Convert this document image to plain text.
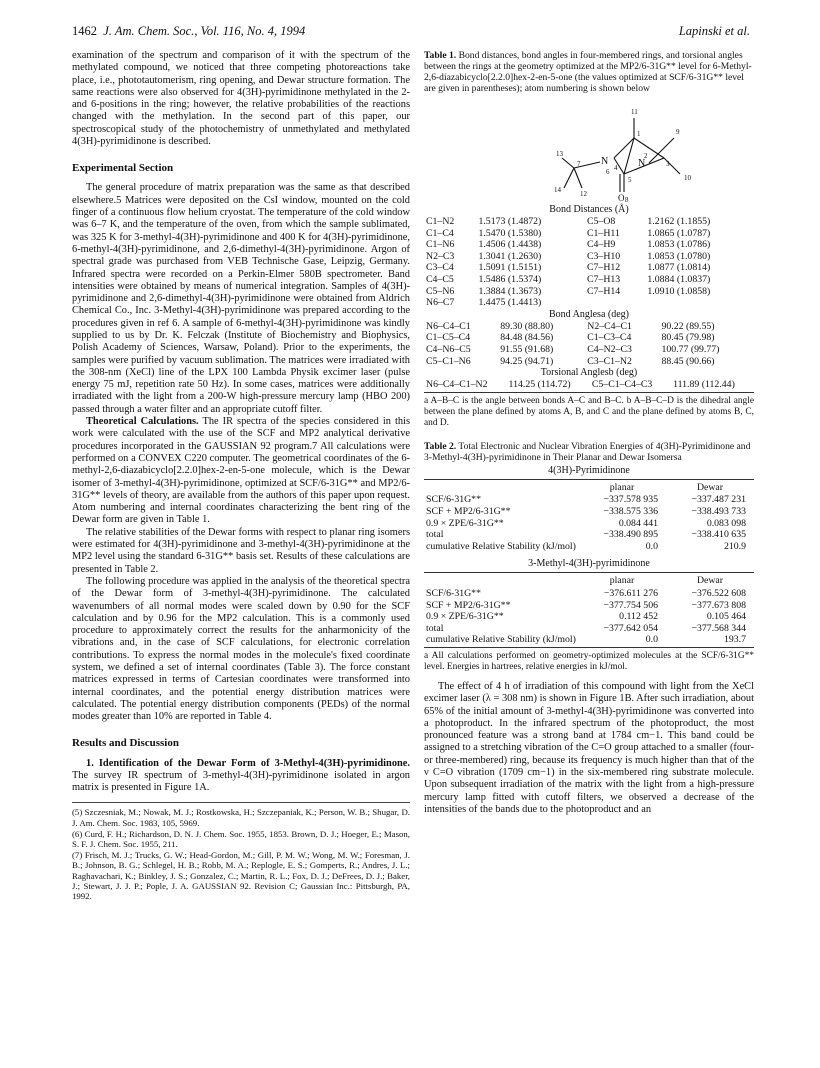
1462 J. Am. Chem. Soc., Vol. 116, No. 4, 1994	Lapinski et al.

examination of the spectrum and comparison of it with the spectrum of the methylated compound, we noticed that three competing photoreactions take place, i.e., phototautomerism, ring opening, and Dewar structure formation. The same reactions were also observed for 4(3H)-pyrimidinone methylated in the 2- and 6-positions in the ring; however, the relative probabilities of the reactions changed with the methylation. In the second part of this paper, our spectroscopical study of the photochemistry of unmethylated and methylated 4(3H)-pyrimidinone is described.

Experimental Section

The general procedure of matrix preparation was the same as that described elsewhere.5 Matrices were deposited on the CsI window, mounted on the cold finger of a continuous flow helium cryostat. The temperature of the cold window was 6–7 K, and the temperature of the oven, from which the sample sublimated, was 325 K for 3-methyl-4(3H)-pyrimidinone and 400 K for 4(3H)-pyrimidinone, 6-methyl-4(3H)-pyrimidinone, and 2,6-dimethyl-4(3H)-pyrimidinone. Argon of spectral grade was purchased from VEB Technische Gase, Leipzig, Germany. Infrared spectra were recorded on a Perkin-Elmer 580B spectrometer. Band intensities were obtained by means of numerical integration. Samples of 4(3H)-pyrimidinone and 2,6-dimethyl-4(3H)-pyrimidinone were obtained from Aldrich Chemical Co., Inc. 3-Methyl-4(3H)-pyrimidinone was prepared according to the procedures given in ref 6. A sample of 6-methyl-4(3H)-pyrimidinone was kindly supplied to us by Dr. K. Felczak (Institute of Biochemistry and Biophysics, Polish Academy of Sciences, Warsaw, Poland). Prior to the experiments, the samples were purified by vacuum sublimation. The matrices were irradiated with the 308-nm (XeCl) line of the LPX 100 Lambda Physik excimer laser (pulse energy 75 mJ, repetition rate 50 Hz). In some cases, matrices were additionally irradiated with the light from a 200-W high-pressure mercury lamp (HBO 200) passed through a water filter and an appropriate cutoff filter.

Theoretical Calculations. The IR spectra of the species considered in this work were calculated with the use of the SCF and MP2 analytical derivative procedures incorporated in the GAUSSIAN 92 program.7 All calculations were performed on a CONVEX C220 computer. The geometrical coordinates of the 6-methyl-2,6-diazabicyclo[2.2.0]hex-2-en-5-one molecule, which is the Dewar isomer of 3-methyl-4(3H)-pyrimidinone, optimized at SCF/6-31G** and MP2/6-31G** levels of theory, are available from the authors of this paper upon request. Atom numbering and internal coordinates characterizing the bent ring of the Dewar form are given in Table 1.

The relative stabilities of the Dewar forms with respect to planar ring isomers were estimated for 4(3H)-pyrimidinone and 3-methyl-4(3H)-pyrimidinone at the MP2 level using the standard 6-31G** basis set. Results of these calculations are presented in Table 2.

The following procedure was applied in the analysis of the theoretical spectra of the Dewar form of 3-methyl-4(3H)-pyrimidinone. The calculated wavenumbers of all normal modes were scaled down by 0.90 for the SCF calculation and by 0.96 for the MP2 calculation. This is a commonly used procedure to approximately correct the results for the anharmonicity of the vibrations and, in the case of SCF calculations, for electronic correlation contributions. To express the normal modes in the molecule's fixed coordinate system, we defined a set of internal coordinates (Table 3). The force constant matrices expressed in terms of Cartesian coordinates were transformed into internal coordinates, and the potential energy distribution matrices were calculated. The potential energy distribution components (PEDs) of the normal modes greater than 10% are reported in Table 4.

Results and Discussion

1. Identification of the Dewar Form of 3-Methyl-4(3H)-pyrimidinone. The survey IR spectrum of 3-methyl-4(3H)-pyrimidinone isolated in argon matrix is presented in Figure 1A.

(5) Szczesniak, M.; Nowak, M. J.; Rostkowska, H.; Szczepaniak, K.; Person, W. B.; Shugar, D. J. Am. Chem. Soc. 1983, 105, 5969.

(6) Curd, F. H.; Richardson, D. N. J. Chem. Soc. 1955, 1853. Brown, D. J.; Hoeger, E.; Mason, S. F. J. Chem. Soc. 1955, 211.

(7) Frisch, M. J.; Trucks, G. W.; Head-Gordon, M.; Gill, P. M. W.; Wong, M. W.; Foresman, J. B.; Johnson, B. G.; Schlegel, H. B.; Robb, M. A.; Replogle, E. S.; Gomperts, R.; Andres, J. L.; Raghavachari, K.; Binkley, J. S.; Gonzalez, C.; Martin, R. L.; Fox, D. J.; DeFrees, D. J.; Baker, J.; Stewart, J. J. P.; Pople, J. A. GAUSSIAN 92. Revision C; Gaussian Inc.: Pittsburgh, PA, 1992.

Table 1. Bond distances, bond angles in four-membered rings, and torsional angles between the rings at the geometry optimized at the MP2/6-31G** level for 6-Methyl-2,6-diazabicyclo[2.2.0]hex-2-en-5-one (the values optimized at SCF/6-31G** level are given in parentheses); atom numbering is shown below
11
9
13
7 N
6
N
2
1
3
4
5
14	12
10
O 8
Bond Distances (Å)
C1–N2	1.5173 (1.4872)	C5–O8	1.2162 (1.1855)
C1–C4	1.5470 (1.5380)	C1–H11	1.0865 (1.0787)
C1–N6	1.4506 (1.4438)	C4–H9	1.0853 (1.0786)
N2–C3	1.3041 (1.2630)	C3–H10	1.0853 (1.0780)
C3–C4	1.5091 (1.5151)	C7–H12	1.0877 (1.0814)
C4–C5	1.5486 (1.5374)	C7–H13	1.0884 (1.0837)
C5–N6	1.3884 (1.3673)	C7–H14	1.0910 (1.0858)
N6–C7	1.4475 (1.4413)		
Bond Anglesa (deg)
N6–C4–C1	89.30 (88.80)	N2–C4–C1	90.22 (89.55)
C1–C5–C4	84.48 (84.56)	C1–C3–C4	80.45 (79.98)
C4–N6–C5	91.55 (91.68)	C4–N2–C3	100.77 (99.77)
C5–C1–N6	94.25 (94.71)	C3–C1–N2	88.45 (90.66)
Torsional Anglesb (deg)
N6–C4–C1–N2	114.25 (114.72)	C5–C1–C4–C3	111.89 (112.44)
a A–B–C is the angle between bonds A–C and B–C. b A–B–C–D is the dihedral angle between the plane defined by atoms A, B, and C and the plane defined by atoms B, C, and D.
Table 2. Total Electronic and Nuclear Vibration Energies of 4(3H)-Pyrimidinone and 3-Methyl-4(3H)-pyrimidinone in Their Planar and Dewar Isomersa
4(3H)-Pyrimidinone
	planar	Dewar
SCF/6-31G**	−337.578 935	−337.487 231
SCF + MP2/6-31G**	−338.575 336	−338.493 733
0.9 × ZPE/6-31G**	0.084 441	0.083 098
total	−338.490 895	−338.410 635
cumulative Relative Stability (kJ/mol)	0.0	210.9
3-Methyl-4(3H)-pyrimidinone
	planar	Dewar
SCF/6-31G**	−376.611 276	−376.522 608
SCF + MP2/6-31G**	−377.754 506	−377.673 808
0.9 × ZPE/6-31G**	0.112 452	0.105 464
total	−377.642 054	−377.568 344
cumulative Relative Stability (kJ/mol)	0.0	193.7
a All calculations performed on geometry-optimized molecules at the SCF/6-31G** level. Energies in hartrees, relative energies in kJ/mol.

The effect of 4 h of irradiation of this compound with light from the XeCl excimer laser (λ = 308 nm) is shown in Figure 1B. After such irradiation, about 65% of the initial amount of 3-methyl-4(3H)-pyrimidinone was converted into a photoproduct. In the infrared spectrum of the photoproduct, the most pronounced feature was a strong band at 1784 cm−1. This band could be assigned to a stretching vibration of the C=O group attached to a smaller (four- or three-membered) ring, because its frequency is much higher than that of the ν C=O vibration (1709 cm−1) in the six-membered ring substrate molecule. Upon subsequent irradiation of the matrix with the light from a high-pressure mercury lamp fitted with cutoff filters, we observed a decrease of the intensities of the bands due to the photoproduct and an
